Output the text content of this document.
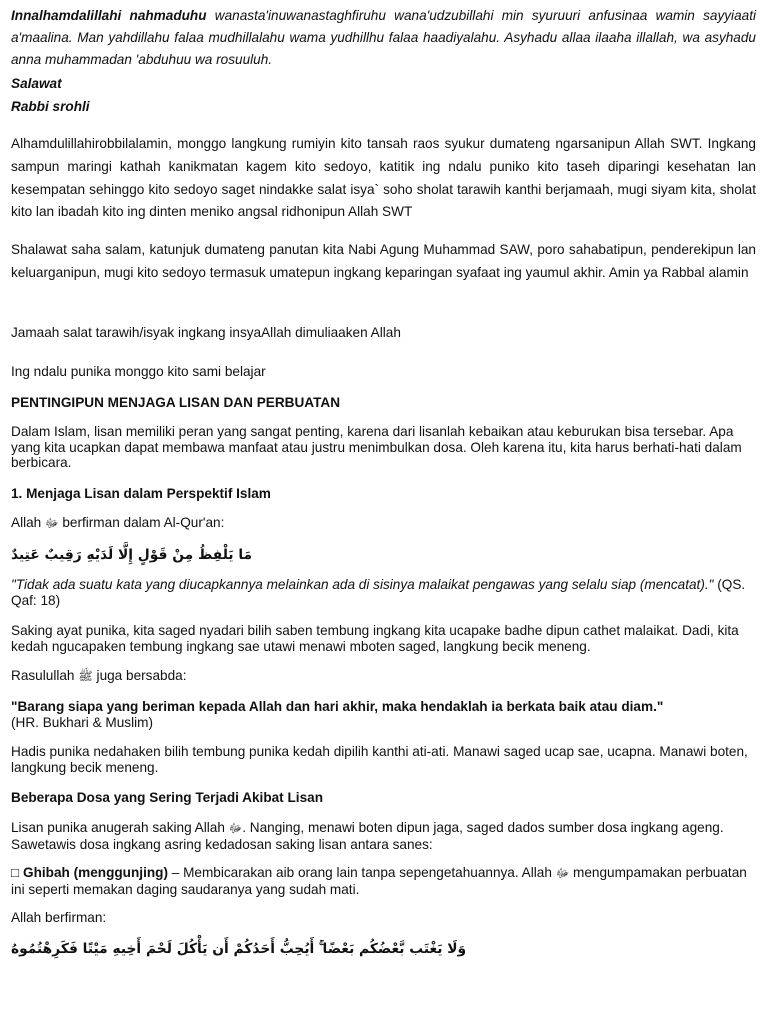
Innalhamdalillahi nahmaduhu wanasta'inuwanastaghfiruhu wana'udzubillahi min syuruuri anfusinaa wamin sayyiaati a'maalina. Man yahdillahu falaa mudhillalahu wama yudhillhu falaa haadiyalahu. Asyhadu allaa ilaaha illallah, wa asyhadu anna muhammadan 'abduhuu wa rosuuluh.
Salawat
Rabbi srohli
Alhamdulillahirobbilalamin, monggo langkung rumiyin kito tansah raos syukur dumateng ngarsanipun Allah SWT. Ingkang sampun maringi kathah kanikmatan kagem kito sedoyo, katitik ing ndalu puniko kito taseh diparingi kesehatan lan kesempatan sehinggo kito sedoyo saget nindakke salat isya` soho sholat tarawih kanthi berjamaah, mugi siyam kita, sholat kito lan ibadah kito ing dinten meniko angsal ridhonipun Allah SWT
Shalawat saha salam, katunjuk dumateng panutan kita Nabi Agung Muhammad SAW, poro sahabatipun, penderekipun lan keluarganipun, mugi kito sedoyo termasuk umatepun ingkang keparingan syafaat ing yaumul akhir. Amin ya Rabbal alamin
Jamaah salat tarawih/isyak ingkang insyaAllah dimuliaaken Allah
Ing ndalu punika monggo kito sami belajar
PENTINGIPUN MENJAGA LISAN DAN PERBUATAN
Dalam Islam, lisan memiliki peran yang sangat penting, karena dari lisanlah kebaikan atau keburukan bisa tersebar. Apa yang kita ucapkan dapat membawa manfaat atau justru menimbulkan dosa. Oleh karena itu, kita harus berhati-hati dalam berbicara.
1. Menjaga Lisan dalam Perspektif Islam
Allah ﷻ berfirman dalam Al-Qur'an:
مَا يَلْفِظُ مِنْ قَوْلٍ إِلَّا لَدَيْهِ رَقِيبٌ عَتِيدٌ
"Tidak ada suatu kata yang diucapkannya melainkan ada di sisinya malaikat pengawas yang selalu siap (mencatat)." (QS. Qaf: 18)
Saking ayat punika, kita saged nyadari bilih saben tembung ingkang kita ucapake badhe dipun cathet malaikat. Dadi, kita kedah ngucapaken tembung ingkang sae utawi menawi mboten saged, langkung becik meneng.
Rasulullah ﷺ juga bersabda:
"Barang siapa yang beriman kepada Allah dan hari akhir, maka hendaklah ia berkata baik atau diam."
(HR. Bukhari & Muslim)
Hadis punika nedahaken bilih tembung punika kedah dipilih kanthi ati-ati. Manawi saged ucap sae, ucapna. Manawi boten, langkung becik meneng.
Beberapa Dosa yang Sering Terjadi Akibat Lisan
Lisan punika anugerah saking Allah ﷻ. Nanging, menawi boten dipun jaga, saged dados sumber dosa ingkang ageng. Sawetawis dosa ingkang asring kedadosan saking lisan antara sanes:
□ Ghibah (menggunjing) – Membicarakan aib orang lain tanpa sepengetahuannya. Allah ﷻ mengumpamakan perbuatan ini seperti memakan daging saudaranya yang sudah mati.
Allah berfirman:
وَلَا يَغْتَب بَّعْضُكُم بَعْضًا ۚ أَيُحِبُّ أَحَدُكُمْ أَن يَأْكُلَ لَحْمَ أَخِيهِ مَيْتًا فَكَرِهْتُمُوهُ
